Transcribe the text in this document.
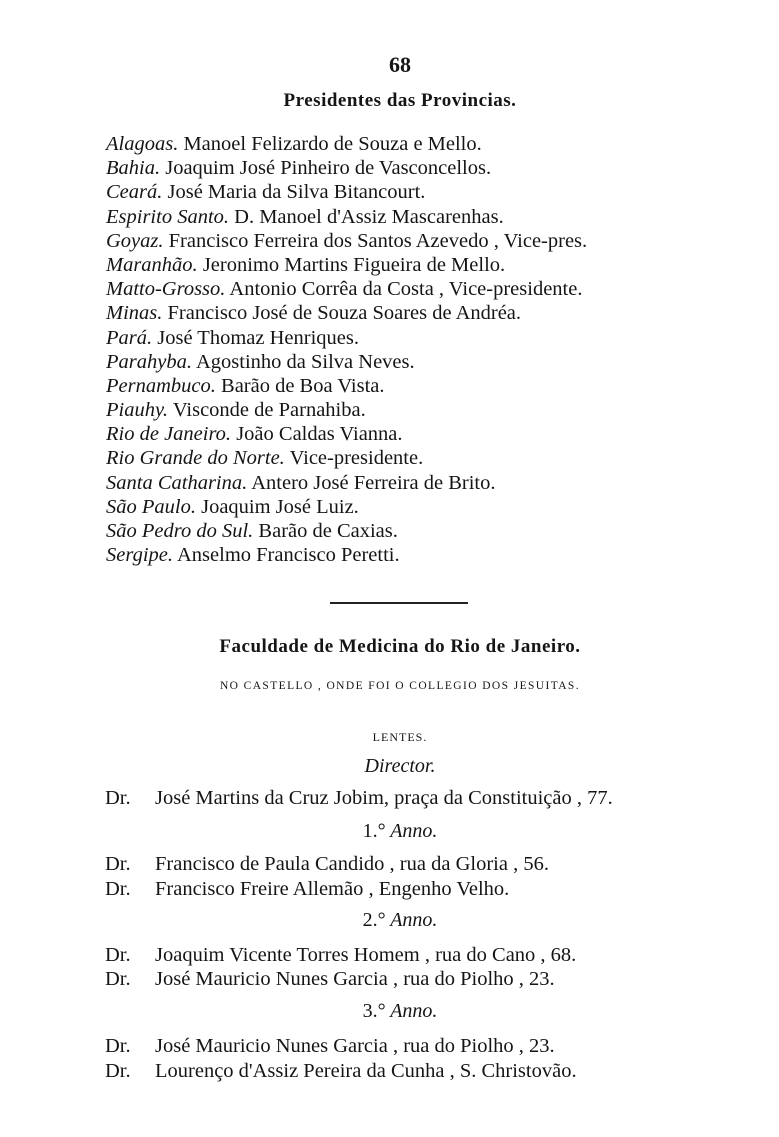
68
Presidentes das Provincias.
Alagoas. Manoel Felizardo de Souza e Mello.
Bahia. Joaquim José Pinheiro de Vasconcellos.
Ceará. José Maria da Silva Bitancourt.
Espirito Santo. D. Manoel d'Assiz Mascarenhas.
Goyaz. Francisco Ferreira dos Santos Azevedo , Vice-pres.
Maranhão. Jeronimo Martins Figueira de Mello.
Matto-Grosso. Antonio Corrêa da Costa , Vice-presidente.
Minas. Francisco José de Souza Soares de Andréa.
Pará. José Thomaz Henriques.
Parahyba. Agostinho da Silva Neves.
Pernambuco. Barão de Boa Vista.
Piauhy. Visconde de Parnahiba.
Rio de Janeiro. João Caldas Vianna.
Rio Grande do Norte. Vice-presidente.
Santa Catharina. Antero José Ferreira de Brito.
São Paulo. Joaquim José Luiz.
São Pedro do Sul. Barão de Caxias.
Sergipe. Anselmo Francisco Peretti.
Faculdade de Medicina do Rio de Janeiro.
NO CASTELLO , ONDE FOI O COLLEGIO DOS JESUITAS.
LENTES.
Director.
Dr. José Martins da Cruz Jobim, praça da Constituição , 77.
1.° Anno.
Dr. Francisco de Paula Candido , rua da Gloria , 56.
Dr. Francisco Freire Allemão , Engenho Velho.
2.° Anno.
Dr. Joaquim Vicente Torres Homem , rua do Cano , 68.
Dr. José Mauricio Nunes Garcia , rua do Piolho , 23.
3.° Anno.
Dr. José Mauricio Nunes Garcia , rua do Piolho , 23.
Dr. Lourenço d'Assiz Pereira da Cunha , S. Christovão.
